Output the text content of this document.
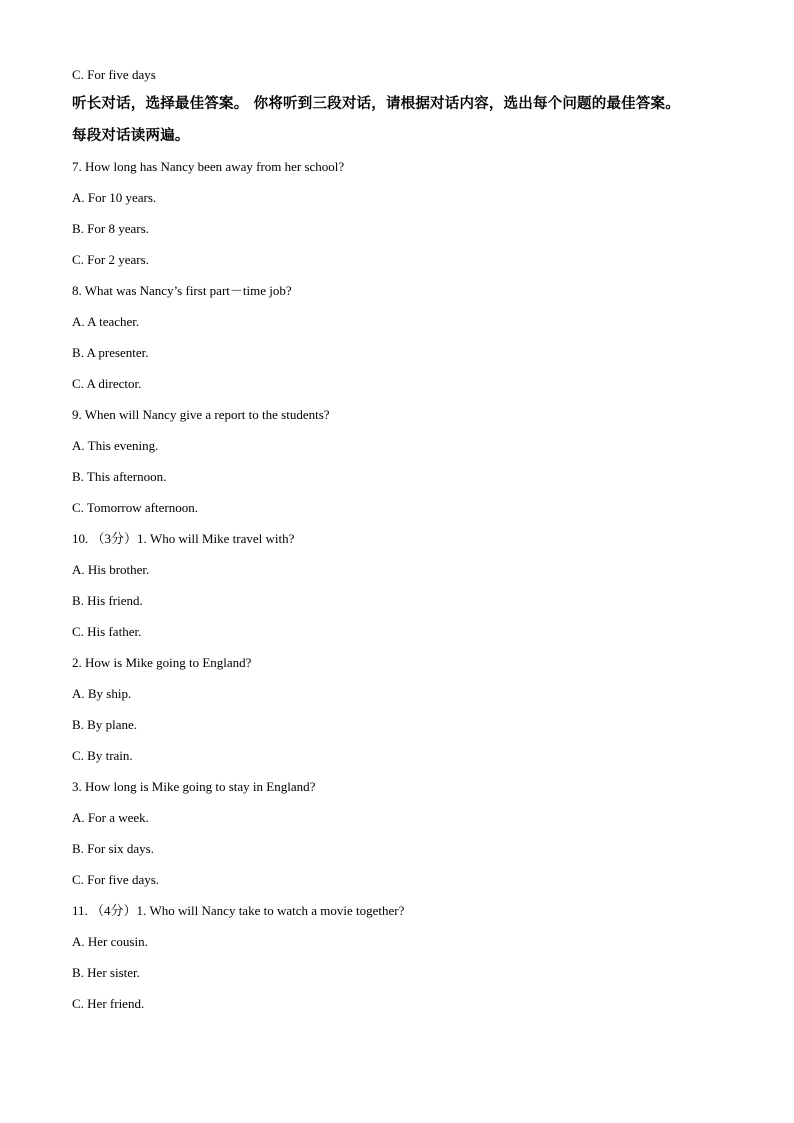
C. For five days
听长对话，选择最佳答案。 你将听到三段对话，请根据对话内容，选出每个问题的最佳答案。
每段对话读两遍。
7. How long has Nancy been away from her school?
A. For 10 years.
B. For 8 years.
C. For 2 years.
8. What was Nancy’s first part－time job?
A. A teacher.
B. A presenter.
C. A director.
9. When will Nancy give a report to the students?
A. This evening.
B. This afternoon.
C. Tomorrow afternoon.
10. （3分）1. Who will Mike travel with?
A. His brother.
B. His friend.
C. His father.
2. How is Mike going to England?
A. By ship.
B. By plane.
C. By train.
3. How long is Mike going to stay in England?
A. For a week.
B. For six days.
C. For five days.
11. （4分）1. Who will Nancy take to watch a movie together?
A. Her cousin.
B. Her sister.
C. Her friend.
